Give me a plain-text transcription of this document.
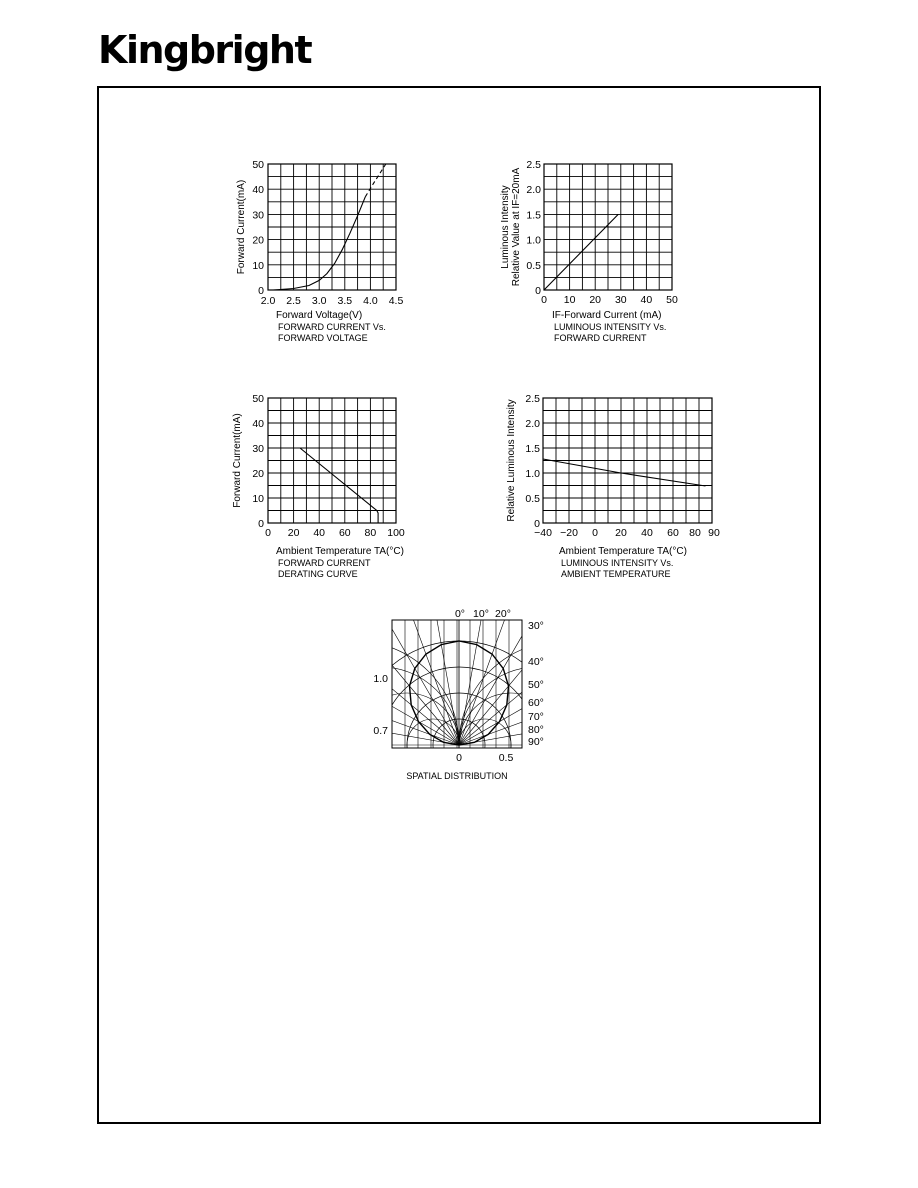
Kingbright
0
10
20
30
40
50
2.0 2.5 3.0 3.5 4.0 4.5
Forward Current(mA)
Forward Voltage(V)
FORWARD CURRENT Vs.
FORWARD VOLTAGE
0
0.5
1.0
1.5
2.0
2.5
0 10 20 30 40 50
Luminous Intensity Relative Value at IF=20mA
IF-Forward Current (mA)
LUMINOUS INTENSITY Vs.
FORWARD CURRENT
0
10
20
30
40
50
0 20 40 60 80 100
Forward Current(mA)
Ambient Temperature TA(°C)
FORWARD CURRENT
DERATING CURVE
0
0.5
1.0
1.5
2.0
2.5
−40 −20 0 20 40 60 80 90
Relative Luminous Intensity
Ambient Temperature TA(°C)
LUMINOUS INTENSITY Vs.
AMBIENT TEMPERATURE
0° 10° 20°
30°
40°
50°
60°
70°
80°
90°
1.0
0.7
0	0.5
SPATIAL DISTRIBUTION
